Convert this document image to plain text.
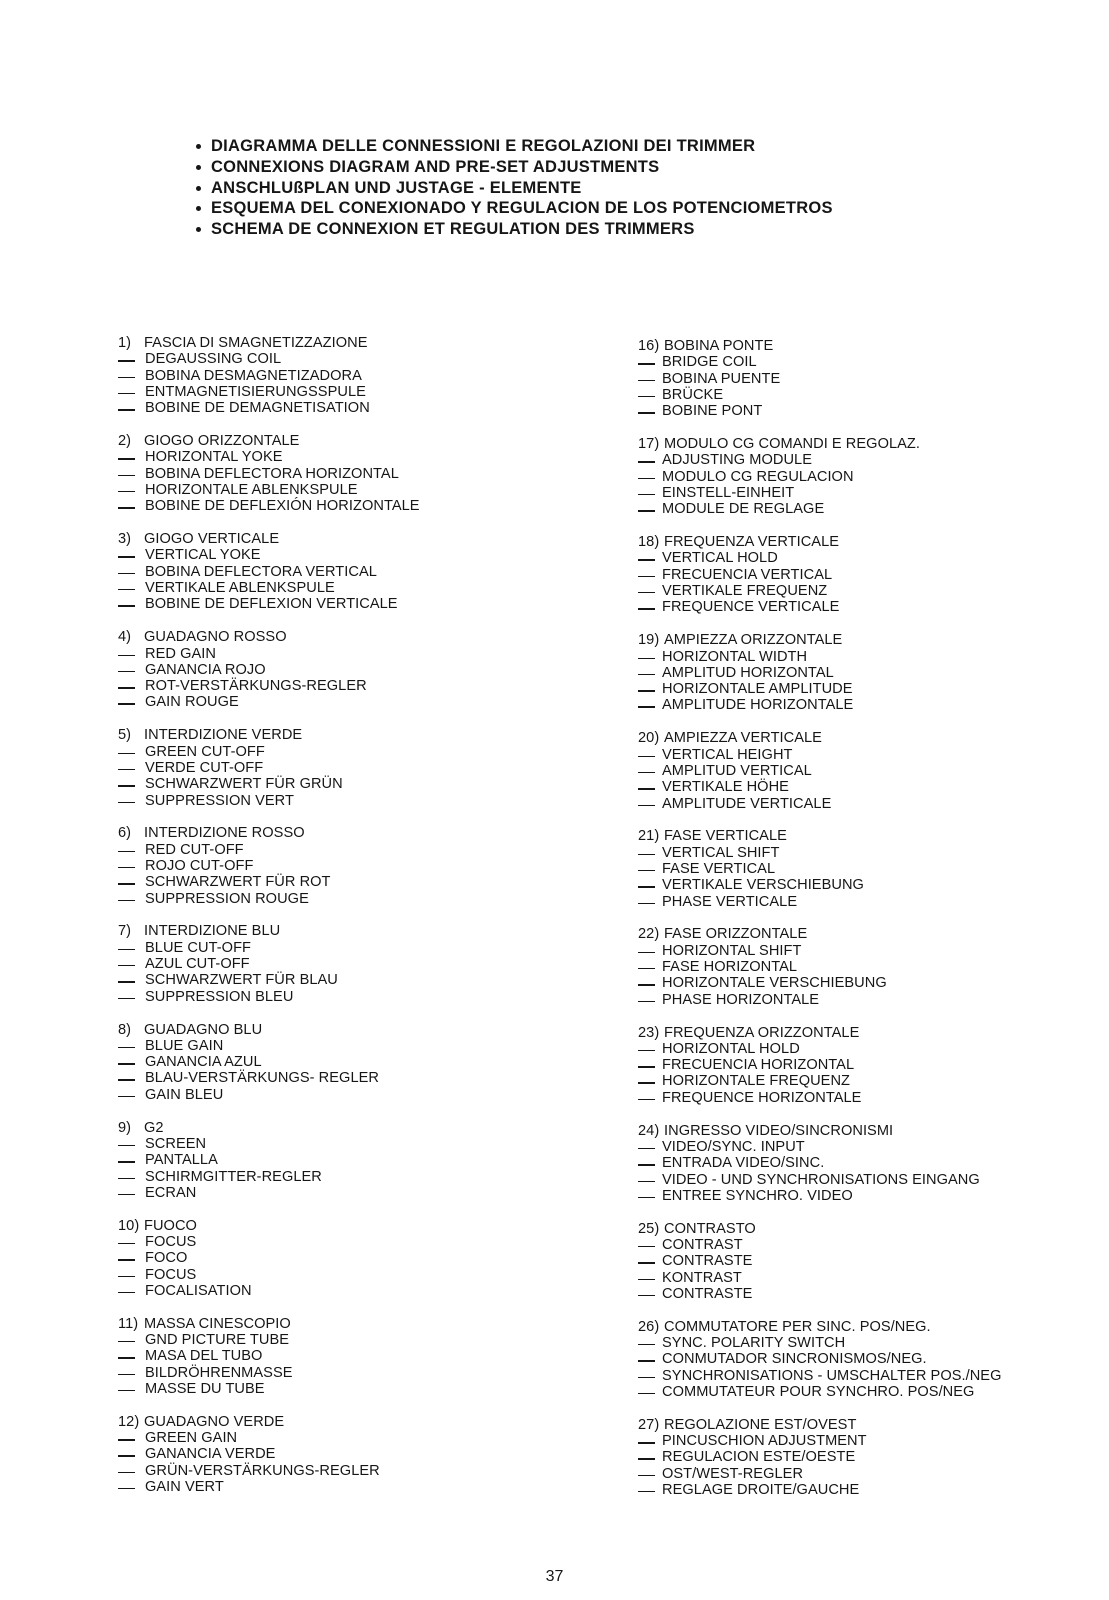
DIAGRAMMA DELLE CONNESSIONI E REGOLAZIONI DEI TRIMMER
CONNEXIONS DIAGRAM AND PRE-SET ADJUSTMENTS
ANSCHLUßPLAN UND JUSTAGE - ELEMENTE
ESQUEMA DEL CONEXIONADO Y REGULACION DE LOS POTENCIOMETROS
SCHEMA DE CONNEXION ET REGULATION DES TRIMMERS
1) FASCIA DI SMAGNETIZZAZIONE
DEGAUSSING COIL
BOBINA DESMAGNETIZADORA
ENTMAGNETISIERUNGSSPULE
BOBINE DE DEMAGNETISATION
2) GIOGO ORIZZONTALE
HORIZONTAL YOKE
BOBINA DEFLECTORA HORIZONTAL
HORIZONTALE ABLENKSPULE
BOBINE DE DEFLEXIÓN HORIZONTALE
3) GIOGO VERTICALE
VERTICAL YOKE
BOBINA DEFLECTORA VERTICAL
VERTIKALE ABLENKSPULE
BOBINE DE DEFLEXION VERTICALE
4) GUADAGNO ROSSO
RED GAIN
GANANCIA ROJO
ROT-VERSTÄRKUNGS-REGLER
GAIN ROUGE
5) INTERDIZIONE VERDE
GREEN CUT-OFF
VERDE CUT-OFF
SCHWARZWERT FÜR GRÜN
SUPPRESSION VERT
6) INTERDIZIONE ROSSO
RED CUT-OFF
ROJO CUT-OFF
SCHWARZWERT FÜR ROT
SUPPRESSION ROUGE
7) INTERDIZIONE BLU
BLUE CUT-OFF
AZUL CUT-OFF
SCHWARZWERT FÜR BLAU
SUPPRESSION BLEU
8) GUADAGNO BLU
BLUE GAIN
GANANCIA AZUL
BLAU-VERSTÄRKUNGS- REGLER
GAIN BLEU
9) G2
SCREEN
PANTALLA
SCHIRMGITTER-REGLER
ECRAN
10) FUOCO
FOCUS
FOCO
FOCUS
FOCALISATION
11) MASSA CINESCOPIO
GND PICTURE TUBE
MASA DEL TUBO
BILDRÖHRENMASSE
MASSE DU TUBE
12) GUADAGNO VERDE
GREEN GAIN
GANANCIA VERDE
GRÜN-VERSTÄRKUNGS-REGLER
GAIN VERT
16) BOBINA PONTE
BRIDGE COIL
BOBINA PUENTE
BRÜCKE
BOBINE PONT
17) MODULO CG COMANDI E REGOLAZ.
ADJUSTING MODULE
MODULO CG REGULACION
EINSTELL-EINHEIT
MODULE DE REGLAGE
18) FREQUENZA VERTICALE
VERTICAL HOLD
FRECUENCIA VERTICAL
VERTIKALE FREQUENZ
FREQUENCE VERTICALE
19) AMPIEZZA ORIZZONTALE
HORIZONTAL WIDTH
AMPLITUD HORIZONTAL
HORIZONTALE AMPLITUDE
AMPLITUDE HORIZONTALE
20) AMPIEZZA VERTICALE
VERTICAL HEIGHT
AMPLITUD VERTICAL
VERTIKALE HÖHE
AMPLITUDE VERTICALE
21) FASE VERTICALE
VERTICAL SHIFT
FASE VERTICAL
VERTIKALE VERSCHIEBUNG
PHASE VERTICALE
22) FASE ORIZZONTALE
HORIZONTAL SHIFT
FASE HORIZONTAL
HORIZONTALE VERSCHIEBUNG
PHASE HORIZONTALE
23) FREQUENZA ORIZZONTALE
HORIZONTAL HOLD
FRECUENCIA HORIZONTAL
HORIZONTALE FREQUENZ
FREQUENCE HORIZONTALE
24) INGRESSO VIDEO/SINCRONISMI
VIDEO/SYNC. INPUT
ENTRADA VIDEO/SINC.
VIDEO - UND SYNCHRONISATIONS EINGANG
ENTREE SYNCHRO. VIDEO
25) CONTRASTO
CONTRAST
CONTRASTE
KONTRAST
CONTRASTE
26) COMMUTATORE PER SINC. POS/NEG.
SYNC. POLARITY SWITCH
CONMUTADOR SINCRONISMOS/NEG.
SYNCHRONISATIONS - UMSCHALTER POS./NEG
COMMUTATEUR POUR SYNCHRO. POS/NEG
27) REGOLAZIONE EST/OVEST
PINCUSCHION ADJUSTMENT
REGULACION ESTE/OESTE
OST/WEST-REGLER
REGLAGE DROITE/GAUCHE
37
